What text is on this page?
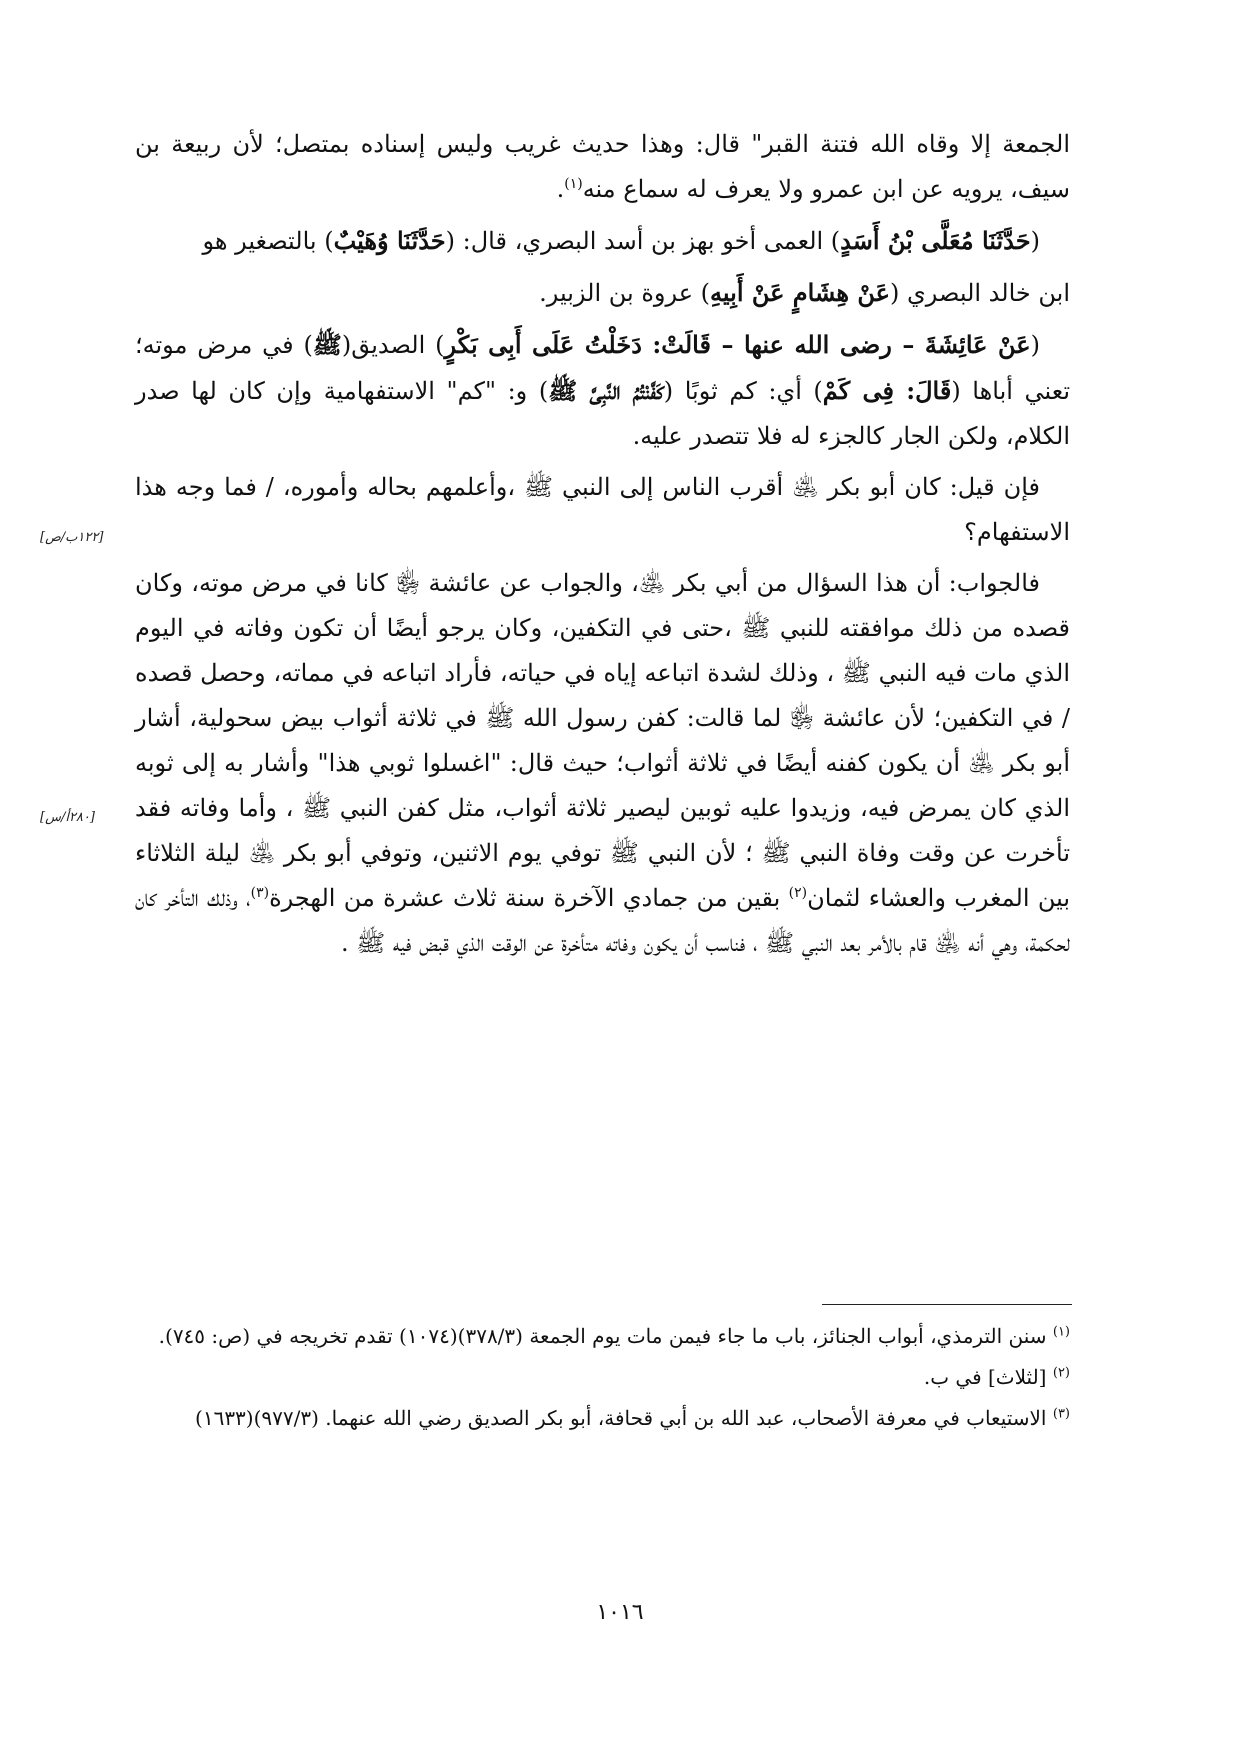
الجمعة إلا وقاه الله فتنة القبر" قال: وهذا حديث غريب وليس إسناده بمتصل؛ لأن ربيعة بن سيف، يرويه عن ابن عمرو ولا يعرف له سماع منه$^{(١)}$.

(حَدَّثَنَا مُعَلَّى بْنُ أَسَدٍ) العمى أخو بهز بن أسد البصري، قال: (حَدَّثَنَا وُهَيْبٌ) بالتصغير هو

ابن خالد البصري (عَنْ هِشَامٍ عَنْ أَبِيهِ) عروة بن الزبير.

(عَنْ عَائِشَةَ – رضى الله عنها – قَالَتْ: دَخَلْتُ عَلَى أَبِى بَكْرٍ) الصديق(ﷺ) في مرض موته؛ تعني أباها (قَالَ: فِى كَمْ) أي: كم ثوبًا (كَفَّنْتُمُ النَّبِىَّ ﷺ) و: "كم" الاستفهامية وإن كان لها صدر الكلام، ولكن الجار كالجزء له فلا تتصدر عليه.

فإن قيل: كان أبو بكر ﵁ أقرب الناس إلى النبي ﷺ ،وأعلمهم بحاله وأموره، / فما وجه هذا الاستفهام؟

فالجواب: أن هذا السؤال من أبي بكر ﵁، والجواب عن عائشة ﵂ كانا في مرض موته، وكان قصده من ذلك موافقته للنبي ﷺ ،حتى في التكفين، وكان يرجو أيضًا أن تكون وفاته في اليوم الذي مات فيه النبي ﷺ ، وذلك لشدة اتباعه إياه في حياته، فأراد اتباعه في مماته، وحصل قصده / في التكفين؛ لأن عائشة ﵂ لما قالت: كفن رسول الله ﷺ في ثلاثة أثواب بيض سحولية، أشار أبو بكر ﵁ أن يكون كفنه أيضًا في ثلاثة أثواب؛ حيث قال: "اغسلوا ثوبي هذا" وأشار به إلى ثوبه الذي كان يمرض فيه، وزيدوا عليه ثوبين ليصير ثلاثة أثواب، مثل كفن النبي ﷺ ، وأما وفاته فقد تأخرت عن وقت وفاة النبي ﷺ ؛ لأن النبي ﷺ توفي يوم الاثنين، وتوفي أبو بكر ﵁ ليلة الثلاثاء بين المغرب والعشاء لثمان$^{(٢)}$ بقين من جمادي الآخرة سنة ثلاث عشرة من الهجرة$^{(٣)}$، وذلك التأخر كان لحكمة، وهي أنه ﵁ قام بالأمر بعد النبي ﷺ ، فناسب أن يكون وفاته متأخرة عن الوقت الذي قبض فيه ﷺ .

[١٢٢ب/ص]
[٢٨٠أ/س]

$^{(١)}$ سنن الترمذي، أبواب الجنائز، باب ما جاء فيمن مات يوم الجمعة (٣٧٨/٣)(١٠٧٤) تقدم تخريجه في (ص: ٧٤٥).

$^{(٢)}$ [لثلاث] في ب.

$^{(٣)}$ الاستيعاب في معرفة الأصحاب، عبد الله بن أبي قحافة، أبو بكر الصديق رضي الله عنهما. (٩٧٧/٣)(١٦٣٣)

١٠١٦
